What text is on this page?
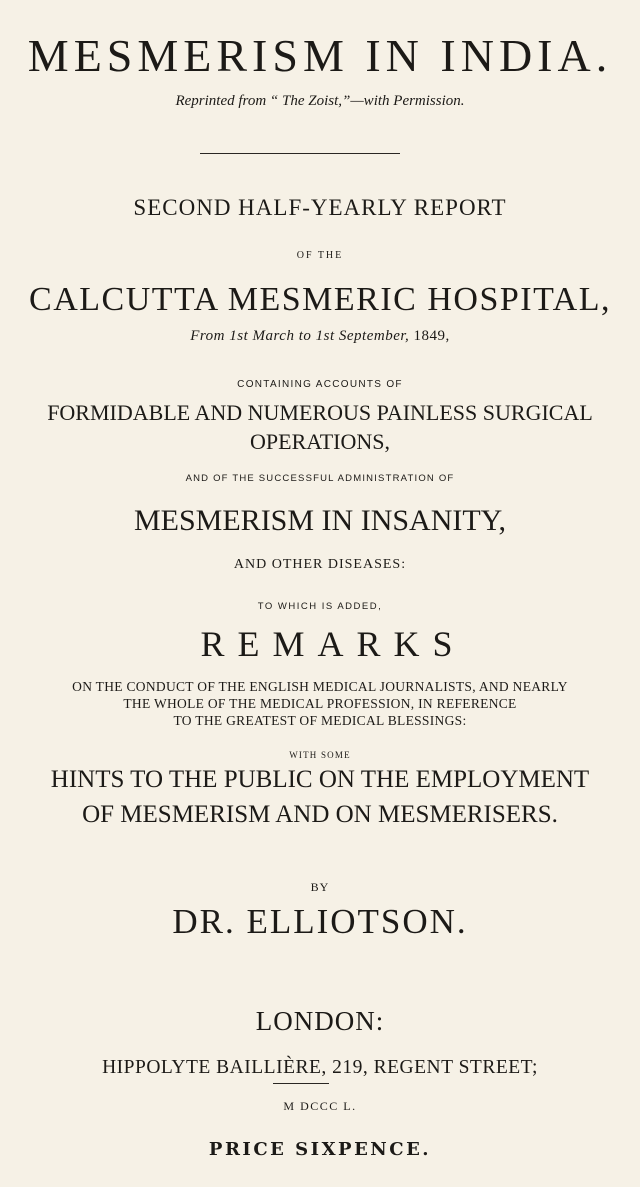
MESMERISM IN INDIA.
Reprinted from “ The Zoist,”—with Permission.
SECOND HALF-YEARLY REPORT
OF THE
CALCUTTA MESMERIC HOSPITAL,
From 1st March to 1st September, 1849,
CONTAINING ACCOUNTS OF
FORMIDABLE AND NUMEROUS PAINLESS SURGICAL
OPERATIONS,
AND OF THE SUCCESSFUL ADMINISTRATION OF
MESMERISM IN INSANITY,
AND OTHER DISEASES:
TO WHICH IS ADDED,
REMARKS
ON THE CONDUCT OF THE ENGLISH MEDICAL JOURNALISTS, AND NEARLY
THE WHOLE OF THE MEDICAL PROFESSION, IN REFERENCE
TO THE GREATEST OF MEDICAL BLESSINGS:
WITH SOME
HINTS TO THE PUBLIC ON THE EMPLOYMENT
OF MESMERISM AND ON MESMERISERS.
BY
DR. ELLIOTSON.
LONDON:
HIPPOLYTE BAILLIÈRE, 219, REGENT STREET;
M DCCC L.
PRICE SIXPENCE.
